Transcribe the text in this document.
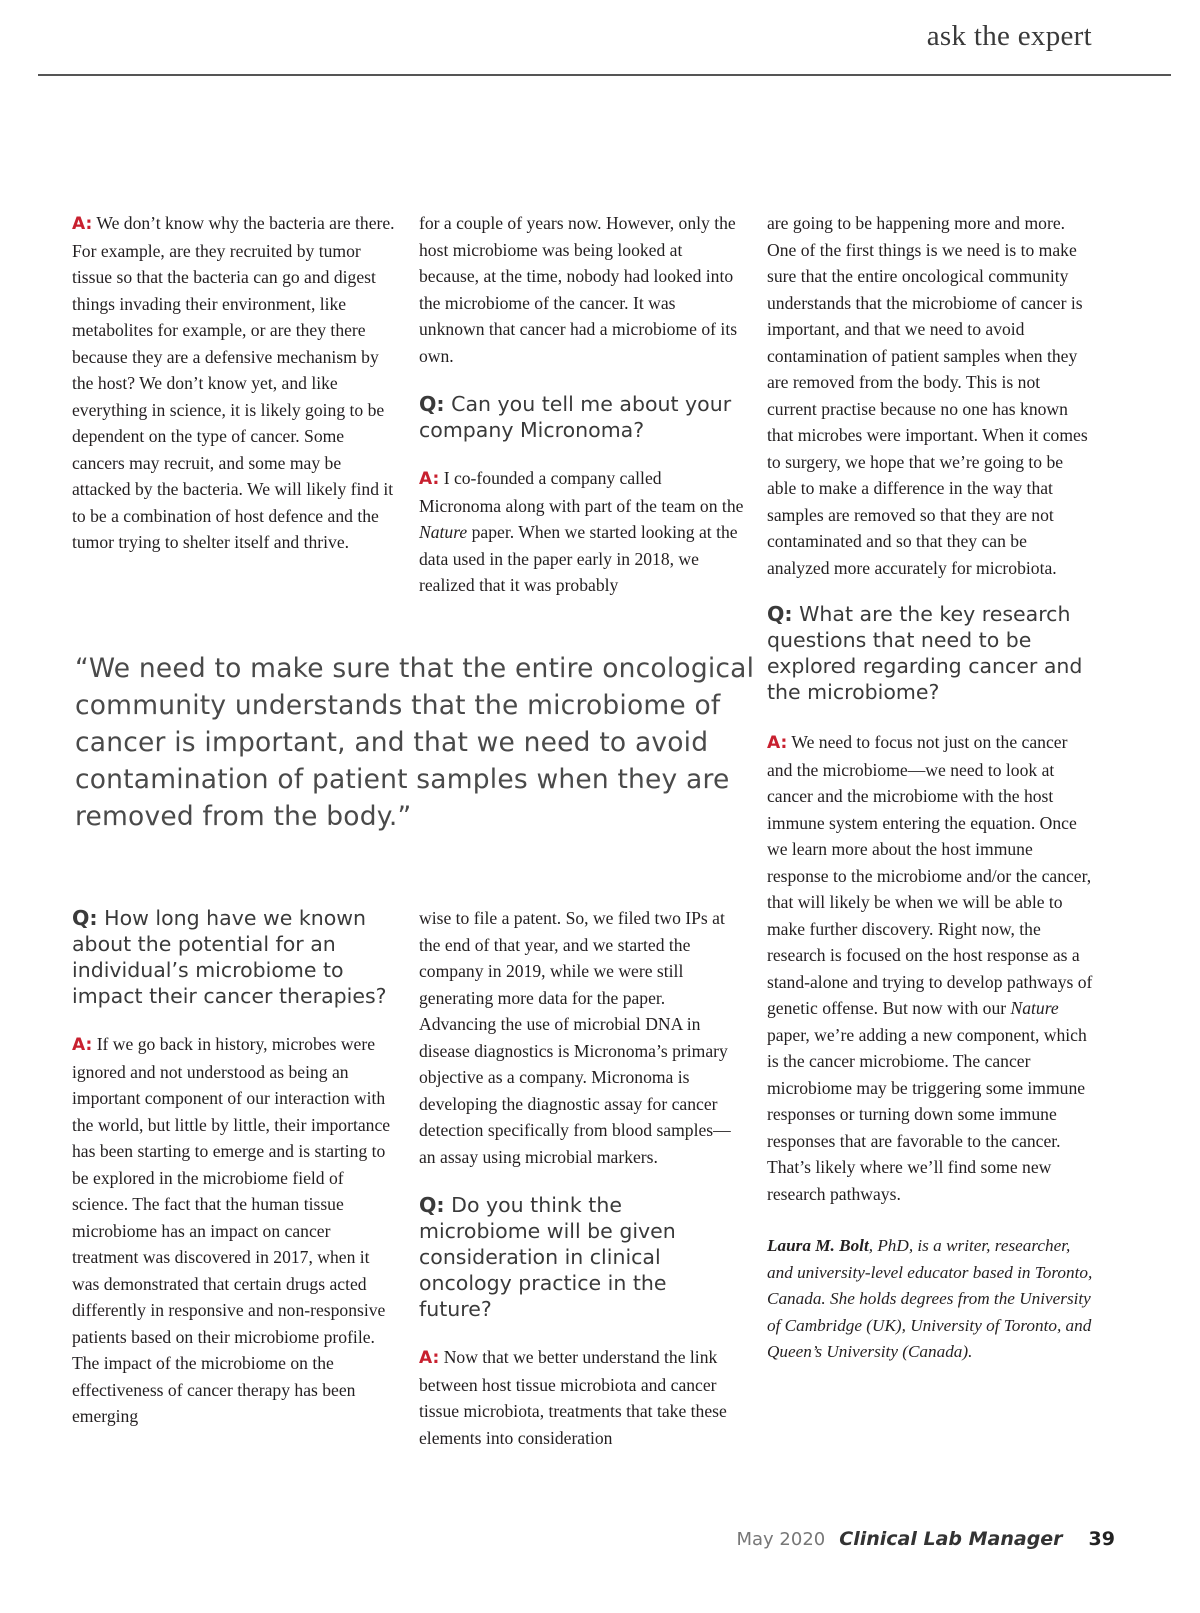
ask the expert

A: We don’t know why the bacteria are there. For example, are they recruited by tumor tissue so that the bacteria can go and digest things invading their environment, like metabolites for example, or are they there because they are a defensive mechanism by the host? We don’t know yet, and like everything in science, it is likely going to be dependent on the type of cancer. Some cancers may recruit, and some may be attacked by the bacteria. We will likely find it to be a combination of host defence and the tumor trying to shelter itself and thrive.

for a couple of years now. However, only the host microbiome was being looked at because, at the time, nobody had looked into the microbiome of the cancer. It was unknown that cancer had a microbiome of its own.

Q: Can you tell me about your company Micronoma?

A: I co-founded a company called Micronoma along with part of the team on the Nature paper. When we started looking at the data used in the paper early in 2018, we realized that it was probably

are going to be happening more and more. One of the first things is we need is to make sure that the entire oncological community understands that the microbiome of cancer is important, and that we need to avoid contamination of patient samples when they are removed from the body. This is not current practise because no one has known that microbes were important. When it comes to surgery, we hope that we’re going to be able to make a difference in the way that samples are removed so that they are not contaminated and so that they can be analyzed more accurately for microbiota.

Q: What are the key research questions that need to be explored regarding cancer and the microbiome?

A: We need to focus not just on the cancer and the microbiome—we need to look at cancer and the microbiome with the host immune system entering the equation. Once we learn more about the host immune response to the microbiome and/or the cancer, that will likely be when we will be able to make further discovery. Right now, the research is focused on the host response as a stand-alone and trying to develop pathways of genetic offense. But now with our Nature paper, we’re adding a new component, which is the cancer microbiome. The cancer microbiome may be triggering some immune responses or turning down some immune responses that are favorable to the cancer. That’s likely where we’ll find some new research pathways.

Laura M. Bolt, PhD, is a writer, researcher, and university-level educator based in Toronto, Canada. She holds degrees from the University of Cambridge (UK), University of Toronto, and Queen’s University (Canada).

“We need to make sure that the entire oncological community understands that the microbiome of cancer is important, and that we need to avoid contamination of patient samples when they are removed from the body.”

Q: How long have we known about the potential for an individual’s microbiome to impact their cancer therapies?

A: If we go back in history, microbes were ignored and not understood as being an important component of our interaction with the world, but little by little, their importance has been starting to emerge and is starting to be explored in the microbiome field of science. The fact that the human tissue microbiome has an impact on cancer treatment was discovered in 2017, when it was demonstrated that certain drugs acted differently in responsive and non-responsive patients based on their microbiome profile. The impact of the microbiome on the effectiveness of cancer therapy has been emerging

wise to file a patent. So, we filed two IPs at the end of that year, and we started the company in 2019, while we were still generating more data for the paper. Advancing the use of microbial DNA in disease diagnostics is Micronoma’s primary objective as a company. Micronoma is developing the diagnostic assay for cancer detection specifically from blood samples—an assay using microbial markers.

Q: Do you think the microbiome will be given consideration in clinical oncology practice in the future?

A: Now that we better understand the link between host tissue microbiota and cancer tissue microbiota, treatments that take these elements into consideration

May 2020 Clinical Lab Manager 39
